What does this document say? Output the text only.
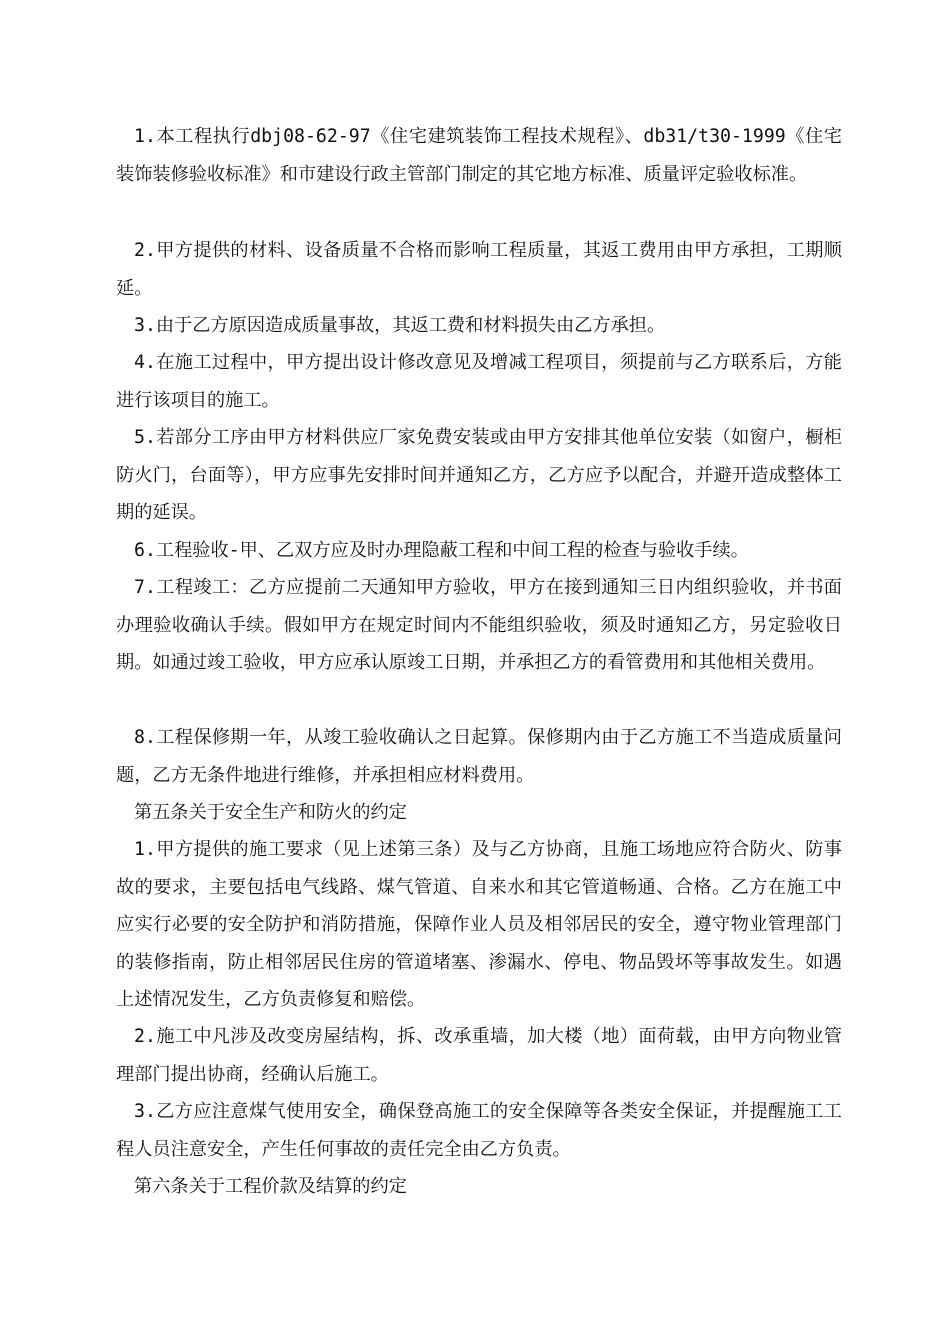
1.本工程执行dbj08-62-97《住宅建筑装饰工程技术规程》、db31/t30-1999《住宅装饰装修验收标准》和市建设行政主管部门制定的其它地方标准、质量评定验收标准。

2.甲方提供的材料、设备质量不合格而影响工程质量，其返工费用由甲方承担，工期顺延。

3.由于乙方原因造成质量事故，其返工费和材料损失由乙方承担。

4.在施工过程中，甲方提出设计修改意见及增减工程项目，须提前与乙方联系后，方能进行该项目的施工。

5.若部分工序由甲方材料供应厂家免费安装或由甲方安排其他单位安装（如窗户，橱柜防火门，台面等），甲方应事先安排时间并通知乙方，乙方应予以配合，并避开造成整体工期的延误。

6.工程验收-甲、乙双方应及时办理隐蔽工程和中间工程的检查与验收手续。

7.工程竣工：乙方应提前二天通知甲方验收，甲方在接到通知三日内组织验收，并书面办理验收确认手续。假如甲方在规定时间内不能组织验收，须及时通知乙方，另定验收日期。如通过竣工验收，甲方应承认原竣工日期，并承担乙方的看管费用和其他相关费用。

8.工程保修期一年，从竣工验收确认之日起算。保修期内由于乙方施工不当造成质量问题，乙方无条件地进行维修，并承担相应材料费用。

第五条关于安全生产和防火的约定

1.甲方提供的施工要求（见上述第三条）及与乙方协商，且施工场地应符合防火、防事故的要求，主要包括电气线路、煤气管道、自来水和其它管道畅通、合格。乙方在施工中应实行必要的安全防护和消防措施，保障作业人员及相邻居民的安全，遵守物业管理部门的装修指南，防止相邻居民住房的管道堵塞、渗漏水、停电、物品毁坏等事故发生。如遇上述情况发生，乙方负责修复和赔偿。

2.施工中凡涉及改变房屋结构，拆、改承重墙，加大楼（地）面荷载，由甲方向物业管理部门提出协商，经确认后施工。

3.乙方应注意煤气使用安全，确保登高施工的安全保障等各类安全保证，并提醒施工工程人员注意安全，产生任何事故的责任完全由乙方负责。

第六条关于工程价款及结算的约定
